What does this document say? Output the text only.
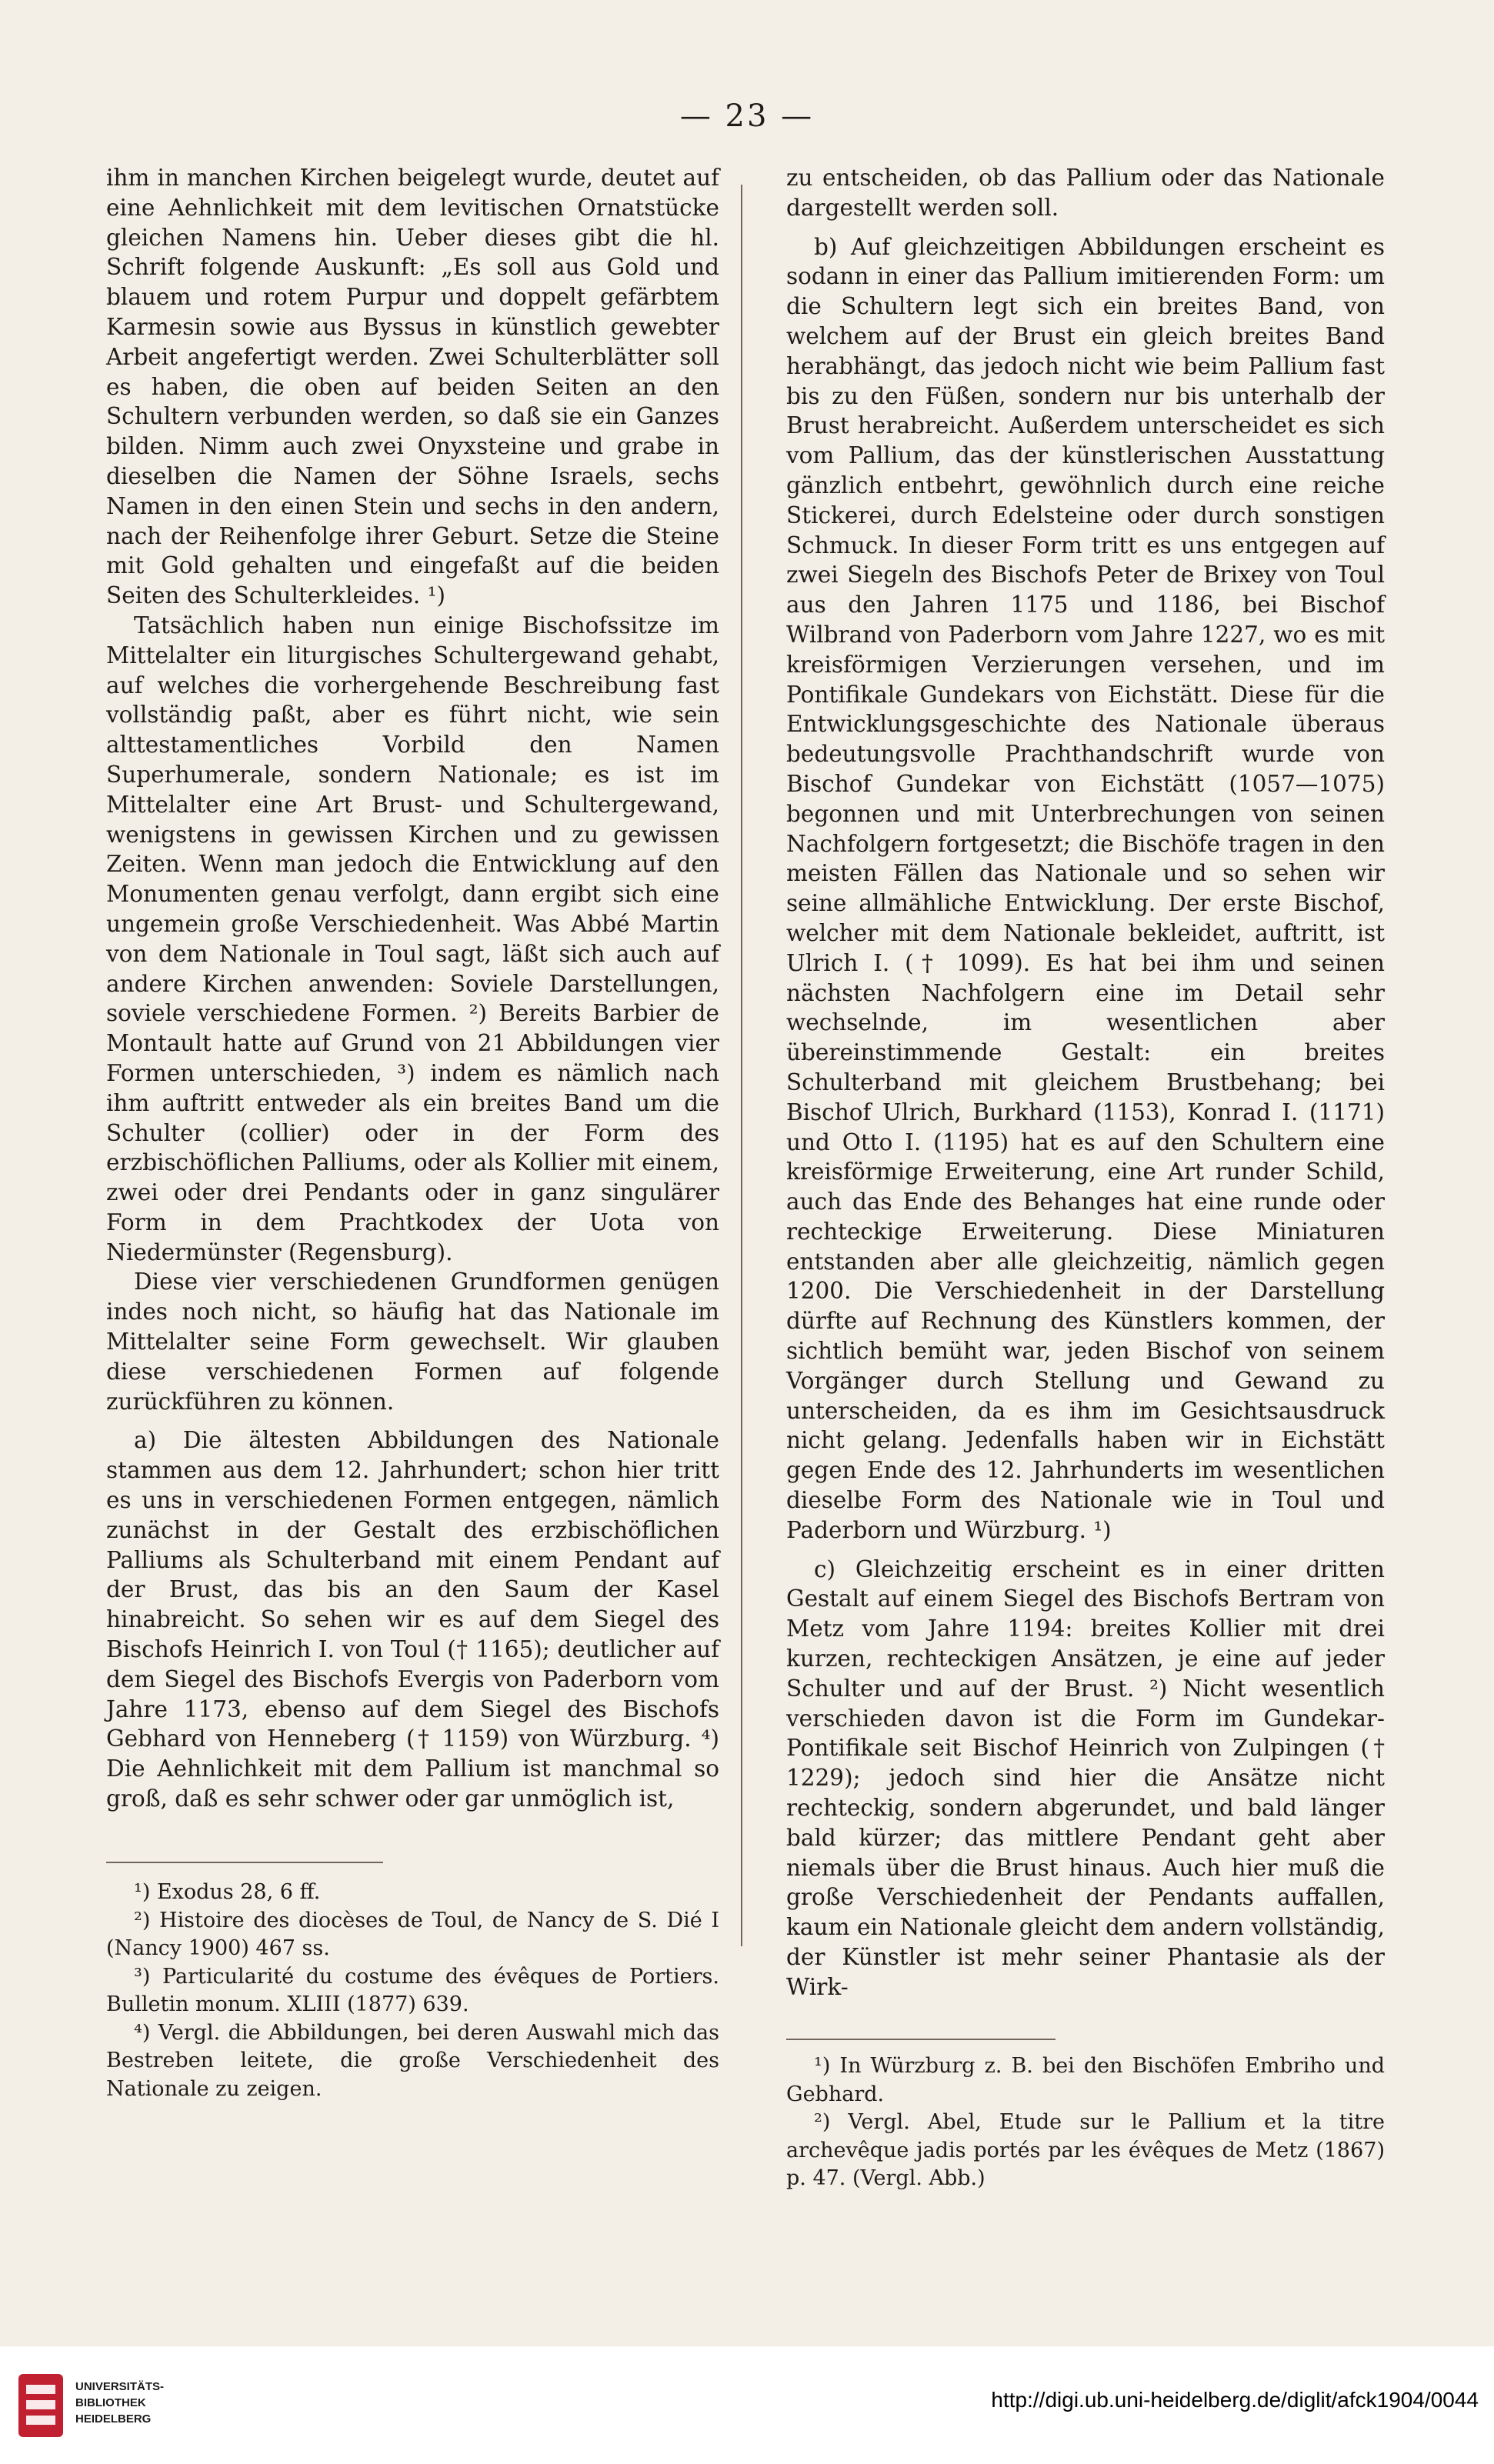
— 23 —

ihm in manchen Kirchen beigelegt wurde, deutet auf eine Aehnlichkeit mit dem levitischen Ornatstücke gleichen Namens hin. Ueber dieses gibt die hl. Schrift folgende Auskunft: „Es soll aus Gold und blauem und rotem Purpur und doppelt gefärbtem Karmesin sowie aus Byssus in künstlich gewebter Arbeit angefertigt werden. Zwei Schulterblätter soll es haben, die oben auf beiden Seiten an den Schultern verbunden werden, so daß sie ein Ganzes bilden. Nimm auch zwei Onyxsteine und grabe in dieselben die Namen der Söhne Israels, sechs Namen in den einen Stein und sechs in den andern, nach der Reihenfolge ihrer Geburt. Setze die Steine mit Gold gehalten und eingefaßt auf die beiden Seiten des Schulterkleides. ¹)

Tatsächlich haben nun einige Bischofssitze im Mittelalter ein liturgisches Schultergewand gehabt, auf welches die vorhergehende Beschreibung fast vollständig paßt, aber es führt nicht, wie sein alttestamentliches Vorbild den Namen Superhumerale, sondern Nationale; es ist im Mittelalter eine Art Brust- und Schultergewand, wenigstens in gewissen Kirchen und zu gewissen Zeiten. Wenn man jedoch die Entwicklung auf den Monumenten genau verfolgt, dann ergibt sich eine ungemein große Verschiedenheit. Was Abbé Martin von dem Nationale in Toul sagt, läßt sich auch auf andere Kirchen anwenden: Soviele Darstellungen, soviele verschiedene Formen. ²) Bereits Barbier de Montault hatte auf Grund von 21 Abbildungen vier Formen unterschieden, ³) indem es nämlich nach ihm auftritt entweder als ein breites Band um die Schulter (collier) oder in der Form des erzbischöflichen Palliums, oder als Kollier mit einem, zwei oder drei Pendants oder in ganz singulärer Form in dem Prachtkodex der Uota von Niedermünster (Regensburg).

Diese vier verschiedenen Grundformen genügen indes noch nicht, so häufig hat das Nationale im Mittelalter seine Form gewechselt. Wir glauben diese verschiedenen Formen auf folgende zurückführen zu können.

a) Die ältesten Abbildungen des Nationale stammen aus dem 12. Jahrhundert; schon hier tritt es uns in verschiedenen Formen entgegen, nämlich zunächst in der Gestalt des erzbischöflichen Palliums als Schulterband mit einem Pendant auf der Brust, das bis an den Saum der Kasel hinabreicht. So sehen wir es auf dem Siegel des Bischofs Heinrich I. von Toul († 1165); deutlicher auf dem Siegel des Bischofs Evergis von Paderborn vom Jahre 1173, ebenso auf dem Siegel des Bischofs Gebhard von Henneberg († 1159) von Würzburg. ⁴) Die Aehnlichkeit mit dem Pallium ist manchmal so groß, daß es sehr schwer oder gar unmöglich ist,

zu entscheiden, ob das Pallium oder das Nationale dargestellt werden soll.

b) Auf gleichzeitigen Abbildungen erscheint es sodann in einer das Pallium imitierenden Form: um die Schultern legt sich ein breites Band, von welchem auf der Brust ein gleich breites Band herabhängt, das jedoch nicht wie beim Pallium fast bis zu den Füßen, sondern nur bis unterhalb der Brust herabreicht. Außerdem unterscheidet es sich vom Pallium, das der künstlerischen Ausstattung gänzlich entbehrt, gewöhnlich durch eine reiche Stickerei, durch Edelsteine oder durch sonstigen Schmuck. In dieser Form tritt es uns entgegen auf zwei Siegeln des Bischofs Peter de Brixey von Toul aus den Jahren 1175 und 1186, bei Bischof Wilbrand von Paderborn vom Jahre 1227, wo es mit kreisförmigen Verzierungen versehen, und im Pontifikale Gundekars von Eichstätt. Diese für die Entwicklungsgeschichte des Nationale überaus bedeutungsvolle Prachthandschrift wurde von Bischof Gundekar von Eichstätt (1057—1075) begonnen und mit Unterbrechungen von seinen Nachfolgern fortgesetzt; die Bischöfe tragen in den meisten Fällen das Nationale und so sehen wir seine allmähliche Entwicklung. Der erste Bischof, welcher mit dem Nationale bekleidet, auftritt, ist Ulrich I. († 1099). Es hat bei ihm und seinen nächsten Nachfolgern eine im Detail sehr wechselnde, im wesentlichen aber übereinstimmende Gestalt: ein breites Schulterband mit gleichem Brustbehang; bei Bischof Ulrich, Burkhard (1153), Konrad I. (1171) und Otto I. (1195) hat es auf den Schultern eine kreisförmige Erweiterung, eine Art runder Schild, auch das Ende des Behanges hat eine runde oder rechteckige Erweiterung. Diese Miniaturen entstanden aber alle gleichzeitig, nämlich gegen 1200. Die Verschiedenheit in der Darstellung dürfte auf Rechnung des Künstlers kommen, der sichtlich bemüht war, jeden Bischof von seinem Vorgänger durch Stellung und Gewand zu unterscheiden, da es ihm im Gesichtsausdruck nicht gelang. Jedenfalls haben wir in Eichstätt gegen Ende des 12. Jahrhunderts im wesentlichen dieselbe Form des Nationale wie in Toul und Paderborn und Würzburg. ¹)

c) Gleichzeitig erscheint es in einer dritten Gestalt auf einem Siegel des Bischofs Bertram von Metz vom Jahre 1194: breites Kollier mit drei kurzen, rechteckigen Ansätzen, je eine auf jeder Schulter und auf der Brust. ²) Nicht wesentlich verschieden davon ist die Form im Gundekar-Pontifikale seit Bischof Heinrich von Zulpingen († 1229); jedoch sind hier die Ansätze nicht rechteckig, sondern abgerundet, und bald länger bald kürzer; das mittlere Pendant geht aber niemals über die Brust hinaus. Auch hier muß die große Verschiedenheit der Pendants auffallen, kaum ein Nationale gleicht dem andern vollständig, der Künstler ist mehr seiner Phantasie als der Wirk-

¹) Exodus 28, 6 ff.

²) Histoire des diocèses de Toul, de Nancy de S. Dié I (Nancy 1900) 467 ss.

³) Particularité du costume des évêques de Portiers. Bulletin monum. XLIII (1877) 639.

⁴) Vergl. die Abbildungen, bei deren Auswahl mich das Bestreben leitete, die große Verschiedenheit des Nationale zu zeigen.

¹) In Würzburg z. B. bei den Bischöfen Embriho und Gebhard.

²) Vergl. Abel, Etude sur le Pallium et la titre archevêque jadis portés par les évêques de Metz (1867) p. 47. (Vergl. Abb.)

UNIVERSITÄTS-
BIBLIOTHEK
HEIDELBERG
http://digi.ub.uni-heidelberg.de/diglit/afck1904/0044
